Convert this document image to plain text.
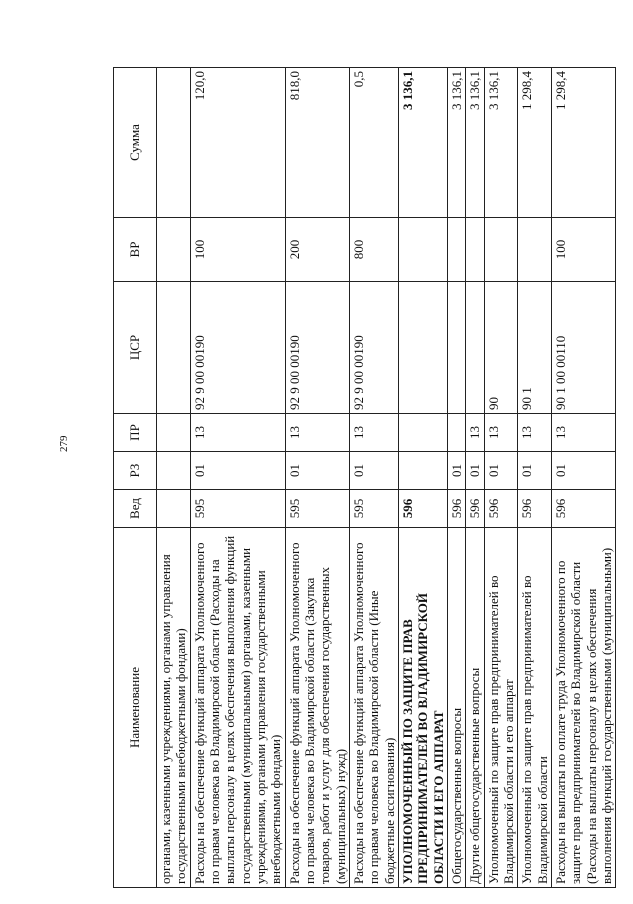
279
Наименование	Вед	РЗ	ПР	ЦСР	ВР	Сумма
органами, казенными учреждениями, органами управления государственными внебюджетными фондами)						
Расходы на обеспечение функций аппарата Уполномоченного по правам человека во Владимирской области (Расходы на выплаты персоналу в целях обеспечения выполнения функций государственными (муниципальными) органами, казенными учреждениями, органами управления государственными внебюджетными фондами)	595	01	13	92 9 00 00190	100	120,0
Расходы на обеспечение функций аппарата Уполномоченного по правам человека во Владимирской области (Закупка товаров, работ и услуг для обеспечения государственных (муниципальных) нужд)	595	01	13	92 9 00 00190	200	818,0
Расходы на обеспечение функций аппарата Уполномоченного по правам человека во Владимирской области (Иные бюджетные ассигнования)	595	01	13	92 9 00 00190	800	0,5
УПОЛНОМОЧЕННЫЙ ПО ЗАЩИТЕ ПРАВ ПРЕДПРИНИМАТЕЛЕЙ ВО ВЛАДИМИРСКОЙ ОБЛАСТИ И ЕГО АППАРАТ	596					3 136,1
Общегосударственные вопросы	596	01				3 136,1
Другие общегосударственные вопросы	596	01	13			3 136,1
Уполномоченный по защите прав предпринимателей во Владимирской области и его аппарат	596	01	13	90		3 136,1
Уполномоченный по защите прав предпринимателей во Владимирской области	596	01	13	90 1		1 298,4
Расходы на выплаты по оплате труда Уполномоченного по защите прав предпринимателей во Владимирской области (Расходы на выплаты персоналу в целях обеспечения выполнения функций государственными (муниципальными)	596	01	13	90 1 00 00110	100	1 298,4
